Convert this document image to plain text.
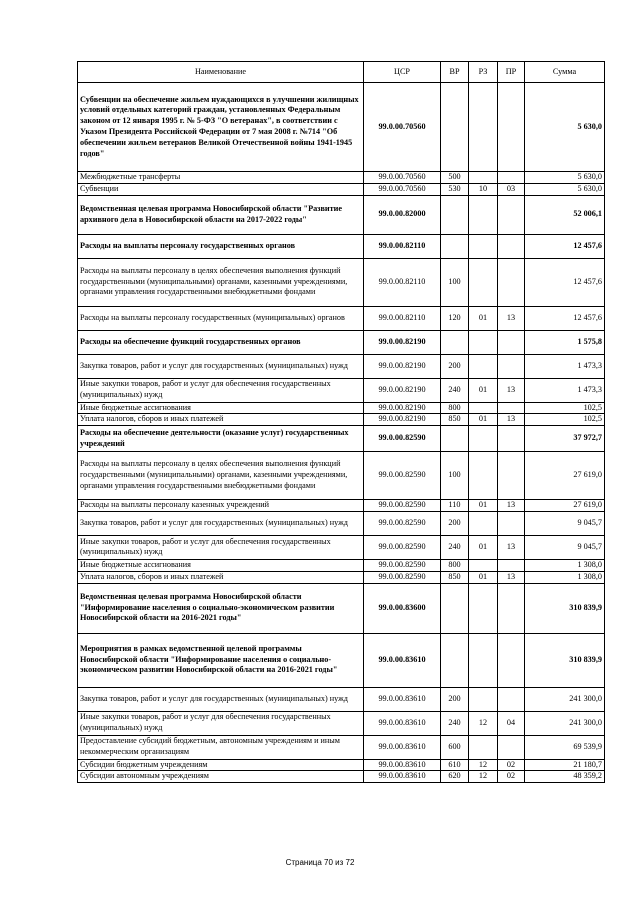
Наименование	ЦСР	ВР	РЗ	ПР	Сумма
Субвенции на обеспечение жильем нуждающихся в улучшении жилищных условий отдельных категорий граждан, установленных Федеральным законом от 12 января 1995 г. № 5-ФЗ "О ветеранах", в соответствии с Указом Президента Российской Федерации от 7 мая 2008 г. №714 "Об обеспечении жильем ветеранов Великой Отечественной войны 1941-1945 годов"	99.0.00.70560				5 630,0
Межбюджетные трансферты	99.0.00.70560	500			5 630,0
Субвенции	99.0.00.70560	530	10	03	5 630,0
Ведомственная целевая программа Новосибирской области "Развитие архивного дела в Новосибирской области на 2017-2022 годы"	99.0.00.82000				52 006,1
Расходы на выплаты персоналу государственных органов	99.0.00.82110				12 457,6
Расходы на выплаты персоналу в целях обеспечения выполнения функций государственными (муниципальными) органами, казенными учреждениями, органами управления государственными внебюджетными фондами	99.0.00.82110	100			12 457,6
Расходы на выплаты персоналу государственных (муниципальных) органов	99.0.00.82110	120	01	13	12 457,6
Расходы на обеспечение функций государственных органов	99.0.00.82190				1 575,8
Закупка товаров, работ и услуг для государственных (муниципальных) нужд	99.0.00.82190	200			1 473,3
Иные закупки товаров, работ и услуг для обеспечения государственных (муниципальных) нужд	99.0.00.82190	240	01	13	1 473,3
Иные бюджетные ассигнования	99.0.00.82190	800			102,5
Уплата налогов, сборов и иных платежей	99.0.00.82190	850	01	13	102,5
Расходы на обеспечение деятельности (оказание услуг) государственных учреждений	99.0.00.82590				37 972,7
Расходы на выплаты персоналу в целях обеспечения выполнения функций государственными (муниципальными) органами, казенными учреждениями, органами управления государственными внебюджетными фондами	99.0.00.82590	100			27 619,0
Расходы на выплаты персоналу казенных учреждений	99.0.00.82590	110	01	13	27 619,0
Закупка товаров, работ и услуг для государственных (муниципальных) нужд	99.0.00.82590	200			9 045,7
Иные закупки товаров, работ и услуг для обеспечения государственных (муниципальных) нужд	99.0.00.82590	240	01	13	9 045,7
Иные бюджетные ассигнования	99.0.00.82590	800			1 308,0
Уплата налогов, сборов и иных платежей	99.0.00.82590	850	01	13	1 308,0
Ведомственная целевая программа Новосибирской области "Информирование населения о социально-экономическом развитии Новосибирской области на 2016-2021 годы"	99.0.00.83600				310 839,9
Мероприятия в рамках ведомственной целевой программы Новосибирской области "Информирование населения о социально-экономическом развитии Новосибирской области на 2016-2021 годы"	99.0.00.83610				310 839,9
Закупка товаров, работ и услуг для государственных (муниципальных) нужд	99.0.00.83610	200			241 300,0
Иные закупки товаров, работ и услуг для обеспечения государственных (муниципальных) нужд	99.0.00.83610	240	12	04	241 300,0
Предоставление субсидий бюджетным, автономным учреждениям и иным некоммерческим организациям	99.0.00.83610	600			69 539,9
Субсидии бюджетным учреждениям	99.0.00.83610	610	12	02	21 180,7
Субсидии автономным учреждениям	99.0.00.83610	620	12	02	48 359,2
Страница 70 из 72
